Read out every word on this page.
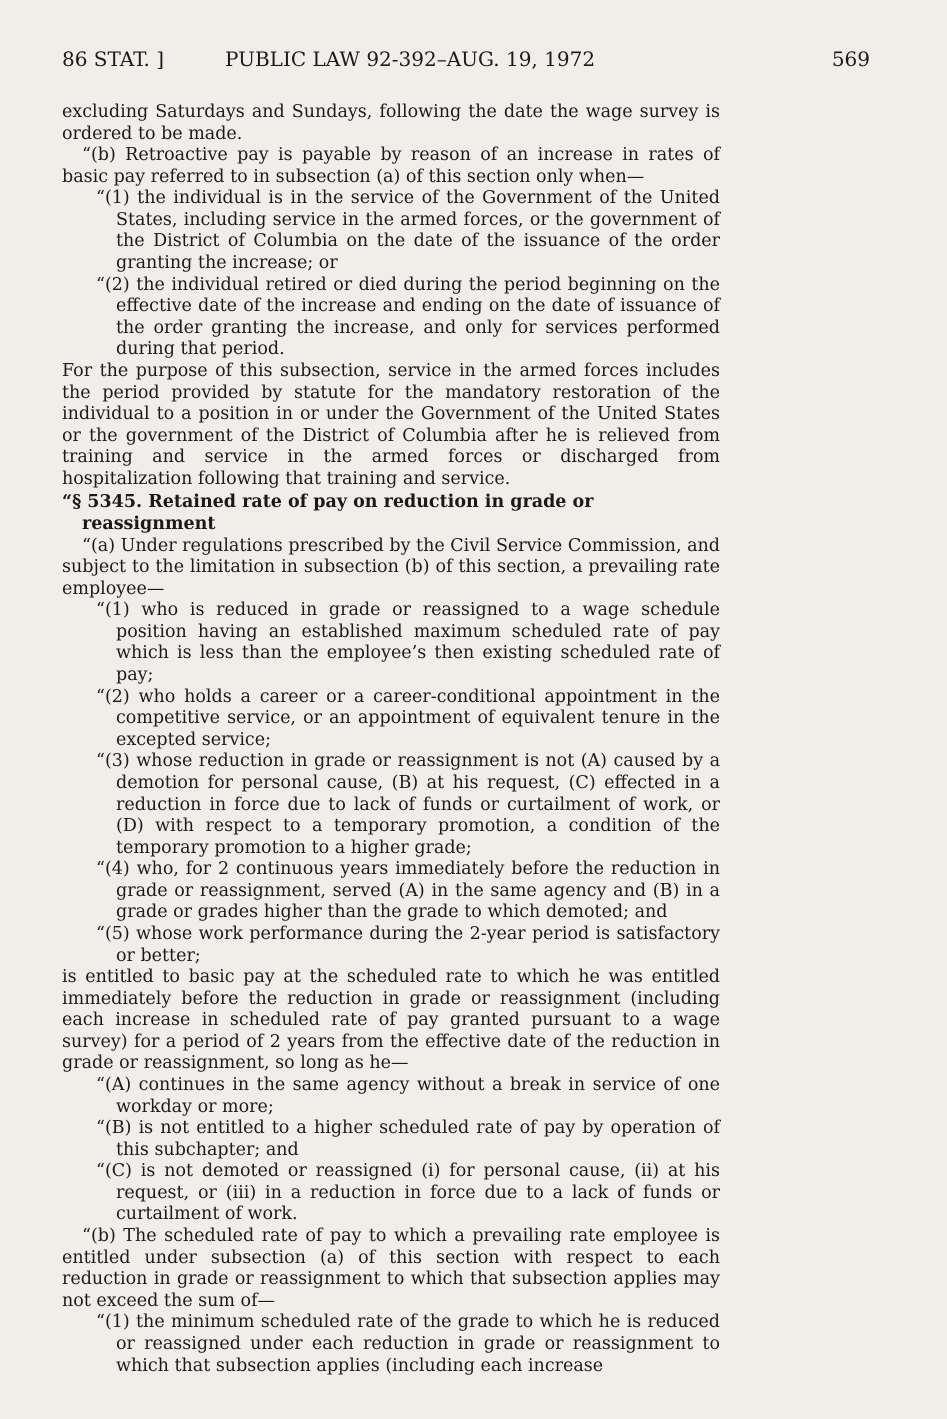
86 STAT. ]	PUBLIC LAW 92-392–AUG. 19, 1972	569

excluding Saturdays and Sundays, following the date the wage survey is ordered to be made.

“(b) Retroactive pay is payable by reason of an increase in rates of basic pay referred to in subsection (a) of this section only when—

“(1) the individual is in the service of the Government of the United States, including service in the armed forces, or the government of the District of Columbia on the date of the issuance of the order granting the increase; or

“(2) the individual retired or died during the period beginning on the effective date of the increase and ending on the date of issuance of the order granting the increase, and only for services performed during that period.

For the purpose of this subsection, service in the armed forces includes the period provided by statute for the mandatory restoration of the individual to a position in or under the Government of the United States or the government of the District of Columbia after he is relieved from training and service in the armed forces or discharged from hospitalization following that training and service.

“§ 5345. Retained rate of pay on reduction in grade or reassignment

“(a) Under regulations prescribed by the Civil Service Commission, and subject to the limitation in subsection (b) of this section, a prevailing rate employee—

“(1) who is reduced in grade or reassigned to a wage schedule position having an established maximum scheduled rate of pay which is less than the employee’s then existing scheduled rate of pay;

“(2) who holds a career or a career-conditional appointment in the competitive service, or an appointment of equivalent tenure in the excepted service;

“(3) whose reduction in grade or reassignment is not (A) caused by a demotion for personal cause, (B) at his request, (C) effected in a reduction in force due to lack of funds or curtailment of work, or (D) with respect to a temporary promotion, a condition of the temporary promotion to a higher grade;

“(4) who, for 2 continuous years immediately before the reduction in grade or reassignment, served (A) in the same agency and (B) in a grade or grades higher than the grade to which demoted; and

“(5) whose work performance during the 2-year period is satisfactory or better;

is entitled to basic pay at the scheduled rate to which he was entitled immediately before the reduction in grade or reassignment (including each increase in scheduled rate of pay granted pursuant to a wage survey) for a period of 2 years from the effective date of the reduction in grade or reassignment, so long as he—

“(A) continues in the same agency without a break in service of one workday or more;

“(B) is not entitled to a higher scheduled rate of pay by operation of this subchapter; and

“(C) is not demoted or reassigned (i) for personal cause, (ii) at his request, or (iii) in a reduction in force due to a lack of funds or curtailment of work.

“(b) The scheduled rate of pay to which a prevailing rate employee is entitled under subsection (a) of this section with respect to each reduction in grade or reassignment to which that subsection applies may not exceed the sum of—

“(1) the minimum scheduled rate of the grade to which he is reduced or reassigned under each reduction in grade or reassignment to which that subsection applies (including each increase
